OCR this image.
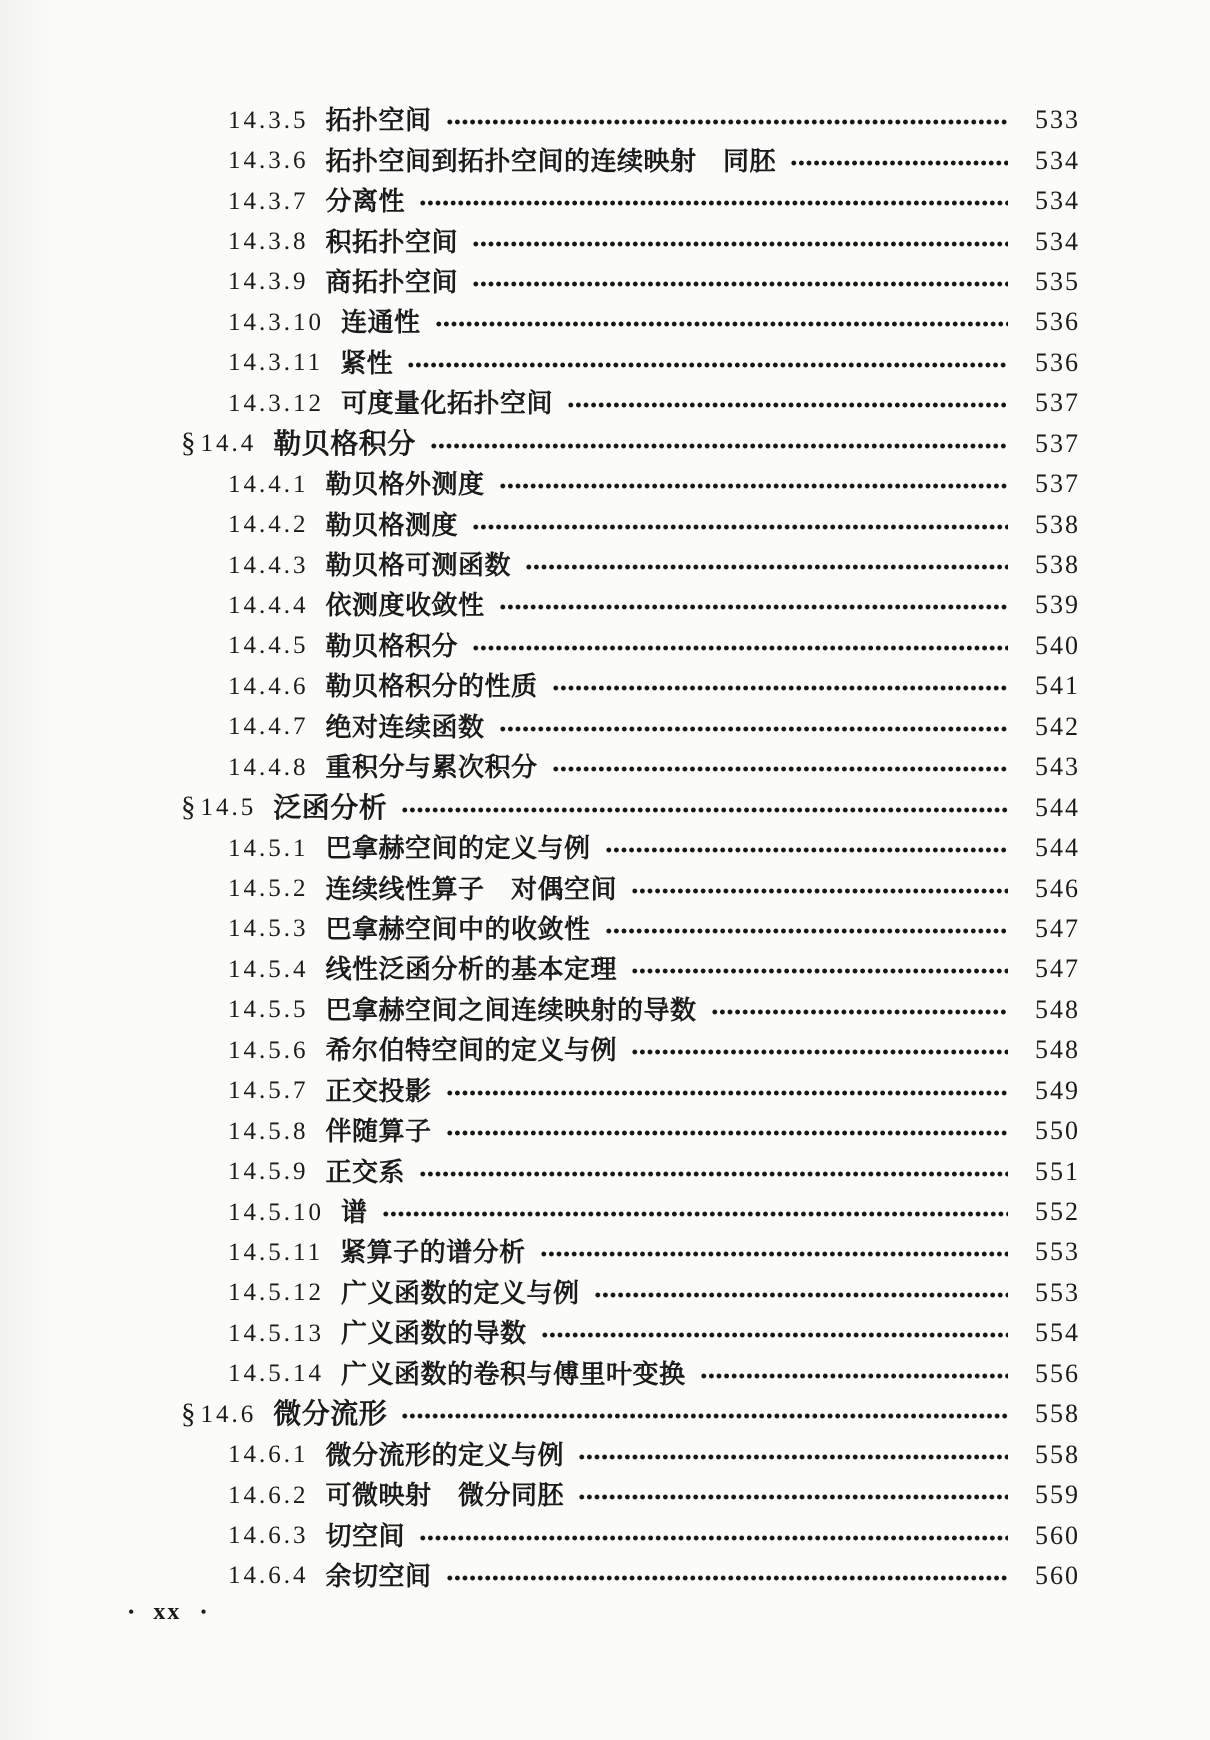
14.3.5 拓扑空间	533
14.3.6 拓扑空间到拓扑空间的连续映射　同胚	534
14.3.7 分离性	534
14.3.8 积拓扑空间	534
14.3.9 商拓扑空间	535
14.3.10 连通性	536
14.3.11 紧性	536
14.3.12 可度量化拓扑空间	537
§ 14.4 勒贝格积分	537
14.4.1 勒贝格外测度	537
14.4.2 勒贝格测度	538
14.4.3 勒贝格可测函数	538
14.4.4 依测度收敛性	539
14.4.5 勒贝格积分	540
14.4.6 勒贝格积分的性质	541
14.4.7 绝对连续函数	542
14.4.8 重积分与累次积分	543
§ 14.5 泛函分析	544
14.5.1 巴拿赫空间的定义与例	544
14.5.2 连续线性算子　对偶空间	546
14.5.3 巴拿赫空间中的收敛性	547
14.5.4 线性泛函分析的基本定理	547
14.5.5 巴拿赫空间之间连续映射的导数	548
14.5.6 希尔伯特空间的定义与例	548
14.5.7 正交投影	549
14.5.8 伴随算子	550
14.5.9 正交系	551
14.5.10 谱	552
14.5.11 紧算子的谱分析	553
14.5.12 广义函数的定义与例	553
14.5.13 广义函数的导数	554
14.5.14 广义函数的卷积与傅里叶变换	556
§ 14.6 微分流形	558
14.6.1 微分流形的定义与例	558
14.6.2 可微映射　微分同胚	559
14.6.3 切空间	560
14.6.4 余切空间	560
• xx •
